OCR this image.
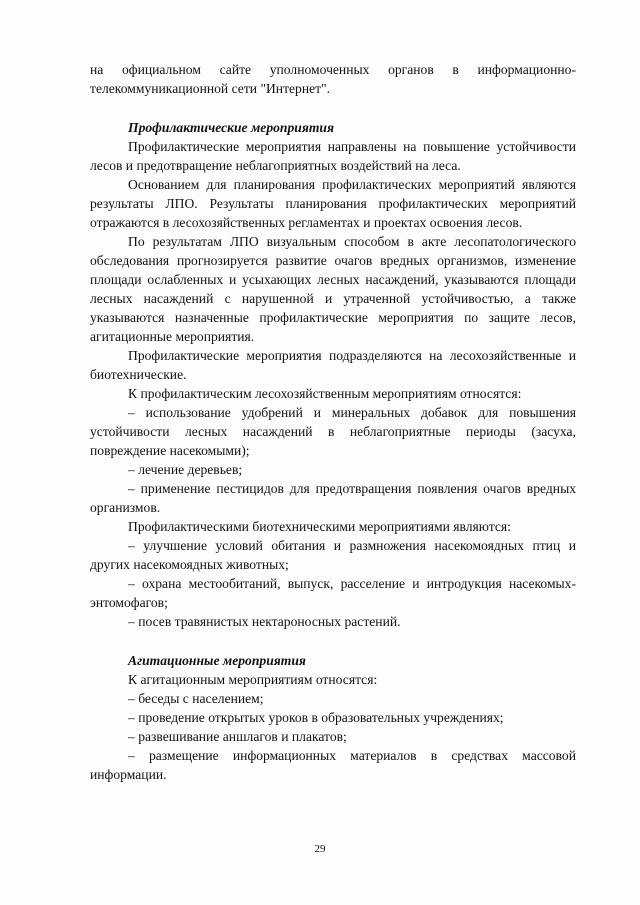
на официальном сайте уполномоченных органов в информационно-телекоммуникационной сети "Интернет".

Профилактические мероприятия

Профилактические мероприятия направлены на повышение устойчивости лесов и предотвращение неблагоприятных воздействий на леса.

Основанием для планирования профилактических мероприятий являются результаты ЛПО. Результаты планирования профилактических мероприятий отражаются в лесохозяйственных регламентах и проектах освоения лесов.

По результатам ЛПО визуальным способом в акте лесопатологического обследования прогнозируется развитие очагов вредных организмов, изменение площади ослабленных и усыхающих лесных насаждений, указываются площади лесных насаждений с нарушенной и утраченной устойчивостью, а также указываются назначенные профилактические мероприятия по защите лесов, агитационные мероприятия.

Профилактические мероприятия подразделяются на лесохозяйственные и биотехнические.

К профилактическим лесохозяйственным мероприятиям относятся:

– использование удобрений и минеральных добавок для повышения устойчивости лесных насаждений в неблагоприятные периоды (засуха, повреждение насекомыми);

– лечение деревьев;

– применение пестицидов для предотвращения появления очагов вредных организмов.

Профилактическими биотехническими мероприятиями являются:

– улучшение условий обитания и размножения насекомоядных птиц и других насекомоядных животных;

– охрана местообитаний, выпуск, расселение и интродукция насекомых-энтомофагов;

– посев травянистых нектароносных растений.

Агитационные мероприятия

К агитационным мероприятиям относятся:

– беседы с населением;

– проведение открытых уроков в образовательных учреждениях;

– развешивание аншлагов и плакатов;

– размещение информационных материалов в средствах массовой информации.

29
